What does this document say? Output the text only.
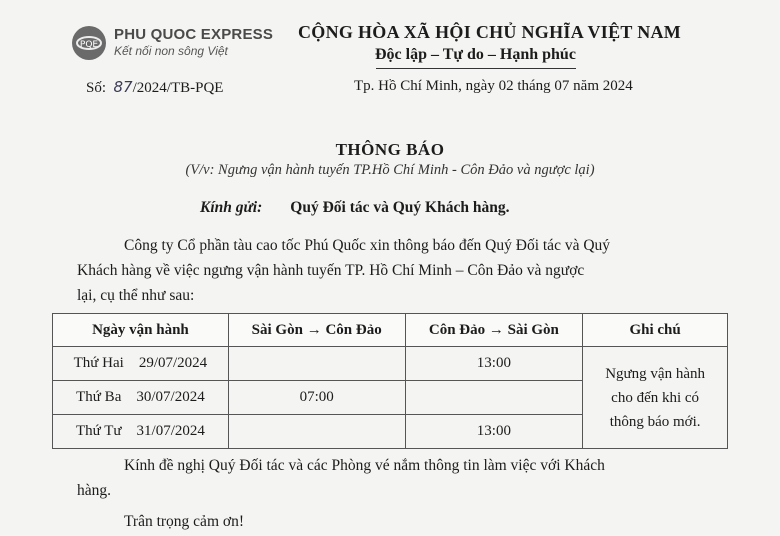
PQE
PHU QUOC EXPRESS
Kết nối non sông Việt
CỘNG HÒA XÃ HỘI CHỦ NGHĨA VIỆT NAM
Độc lập – Tự do – Hạnh phúc
Số: 87/2024/TB-PQE	Tp. Hồ Chí Minh, ngày 02 tháng 07 năm 2024
THÔNG BÁO
(V/v: Ngưng vận hành tuyến TP.Hồ Chí Minh - Côn Đảo và ngược lại)
Kính gửi: Quý Đối tác và Quý Khách hàng.
Công ty Cổ phần tàu cao tốc Phú Quốc xin thông báo đến Quý Đối tác và Quý
Khách hàng về việc ngưng vận hành tuyến TP. Hồ Chí Minh – Côn Đảo và ngược
lại, cụ thể như sau:
Ngày vận hành	Sài Gòn → Côn Đảo	Côn Đảo → Sài Gòn	Ghi chú
Thứ Hai 29/07/2024		13:00	Ngưng vận hành
cho đến khi có
thông báo mới.

Thứ Ba 30/07/2024	07:00		
Thứ Tư 31/07/2024		13:00	
Kính đề nghị Quý Đối tác và các Phòng vé nắm thông tin làm việc với Khách
hàng.
Trân trọng cảm ơn!
